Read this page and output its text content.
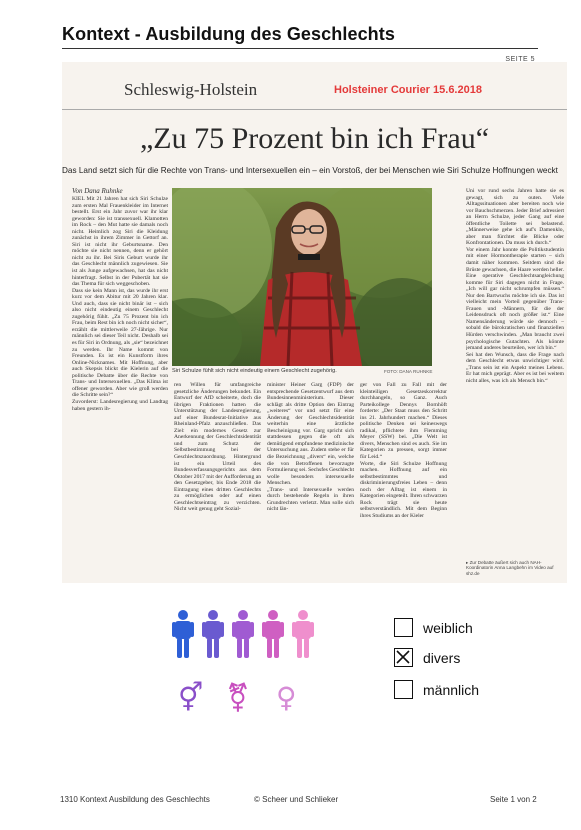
Kontext - Ausbildung des Geschlechts
SEITE 5
Schleswig-Holstein	Holsteiner Courier 15.6.2018
„Zu 75 Prozent bin ich Frau“
Das Land setzt sich für die Rechte von Trans- und Intersexuellen ein – ein Vorstoß, der bei Menschen wie Siri Schulze Hoffnungen weckt
Von Dana Ruhnke
KIEL Mit 21 Jahren hat sich Siri Schulze zum ersten Mal Frauenkleider im Internet bestellt. Erst ein Jahr zuvor war ihr klar geworden: Sie ist transsexuell. Klamotten im Rock – den Mut hatte sie damals noch nicht. Heimlich zog Siri die Kleidung zunächst in ihrem Zimmer in Gettorf an. Siri ist nicht ihr Geburtsname. Den möchte sie nicht nennen, denn er gehört nicht zu ihr. Bei Siris Geburt wurde ihr das Geschlecht männlich zugewiesen. Sie ist als Junge aufgewachsen, hat das nicht hinterfragt. Selbst in der Pubertät hat sie das Thema für sich weggeschoben.
Dass sie kein Mann ist, das wurde ihr erst kurz vor dem Abitur mit 20 Jahren klar. Und auch, dass sie nicht binär ist – sich also nicht eindeutig einem Geschlecht zugehörig fühlt. „Zu 75 Prozent bin ich Frau, beim Rest bin ich noch nicht sicher“, erzählt die mittlerweile 27-Jährige. Nur männlich sei dieser Teil nicht. Deshalb sei es für Siri in Ordnung, als „sie“ bezeichnet zu werden. Ihr Name kommt von Freunden. Es ist ein Kunstform ihres Online-Nicknames. Mit Hoffnung, aber auch Skepsis blickt die Kielerin auf die politische Debatte über die Rechte von Trans- und Intersexuellen. „Das Klima ist offener geworden. Aber wie groß werden die Schritte sein?“
Zuvorderst: Landesregierung und Landtag haben gestern ih-
ren Willen für umfangreiche gesetzliche Änderungen bekundet. Ein Entwurf der AfD scheiterte, doch die übrigen Fraktionen hatten die Unterstützung der Landesregierung, auf einer Bundesrat-Initiative aus Rheinland-Pfalz anzuschließen. Das Ziel: ein modernes Gesetz zur Anerkennung der Geschlechtsidentität und zum Schutz der Selbstbestimmung bei der Geschlechtszuordnung. Hintergrund ist ein Urteil des Bundesverfassungsgerichts aus dem Oktober 2017 mit der Aufforderung an den Gesetzgeber, bis Ende 2018 die Eintragung eines dritten Geschlechts zu ermöglichen oder auf einen Geschlechtseintrag zu verzichten. Nicht weit genug geht Sozial-
minister Heiner Garg (FDP) der entsprechende Gesetzentwurf aus dem Bundesinnenministerium. Dieser schlägt als dritte Option den Eintrag „weiteres“ vor und setzt für eine Änderung der Geschlechtsidentität weiterhin eine ärztliche Bescheinigung vor. Garg spricht sich stattdessen gegen die oft als demütigend empfundene medizinische Untersuchung aus. Zudem stehe er für die Bezeichnung „divers“ ein, welche die von Betroffenen bevorzugte Formulierung sei. Sechsfes Geschlecht wolle besonders intersexuelle Menschen.
„Trans- und Intersexuelle werden durch bestehende Regeln in ihren Grundrechten verletzt. Man solle sich nicht län-
ger von Fall zu Fall mit der kleinteiligen Gesetzeskorrektur durchhangeln, so Ganz. Auch Parteikollege Dennys Bornhöft forderte: „Der Staat muss den Schritt ins 21. Jahrhundert machen.“ Dieses politische Denken sei keineswegs radikal, pflichtete ihm Flemming Meyer (SSW) bei. „Die Welt ist divers, Menschen sind es auch. Sie im Kategorien zu pressen, sorgt immer für Leid.“
Worte, die Siri Schulze Hoffnung machen. Hoffnung auf ein selbstbestimmtes und diskriminierungsfreies Leben – denn noch der Alltag ist einem in Kategorien eingeteilt. Ihren schwarzen Rock trägt sie heute selbstverständlich. Mit dem Beginn ihres Studiums an der Kieler
Uni vor rund sechs Jahren hatte sie es gewagt, sich zu outen. Viele Alltagssituationen aber bereiten noch wie vor Bauchschmerzen. Jeder Brief adressiert an Herrn Schulze, jeder Gang auf eine öffentliche Toilette sei belastend. „Männerweise gehe ich auf's Damenklo, aber man fürchtet die Blicke oder Konfrontationen. Da muss ich durch.“
Vor einem Jahr konnte die Politikstudentin mit einer Hormontherapie starten – sich damit näher kommen. Seitdem sind die Brüste gewachsen, die Haare werden heller. Eine operative Geschlechtsangleichung komme für Siri dagegen nicht in Frage. „Ich will gar nicht schrumpfen müssen.“ Nur den Bartwuchs möchte ich sie. Das ist vielleicht mein Vorteil gegenüber Trans-Frauen und -Männern, für die der Leidensdruck oft noch größer ist.“ Eine Namensänderung würde sie dennoch – sobald die bürokratischen und finanziellen Hürden verschwinden. „Man braucht zwei psychologische Gutachten. Als könnte jemand anderes beurteilen, wer ich bin.“
Sei hat den Wunsch, dass die Frage nach dem Geschlecht etwas unwichtiger wird. „Trans sein ist ein Aspekt meines Lebens. Er hat mich geprägt. Aber es ist bei weitem nicht alles, was ich als Mensch bin.“
Siri Schulze fühlt sich nicht eindeutig einem Geschlecht zugehörig.	FOTO: DANA RUHNKE
▸ Zur Debatte äußert sich auch NAH-Koordinatorin Anna Langbehn im Video auf shz.de
⚥ ⚧ ♀
weiblich
divers
männlich
1310 Kontext Ausbildung des Geschlechts	© Scheer und Schlieker	Seite 1 von 2
